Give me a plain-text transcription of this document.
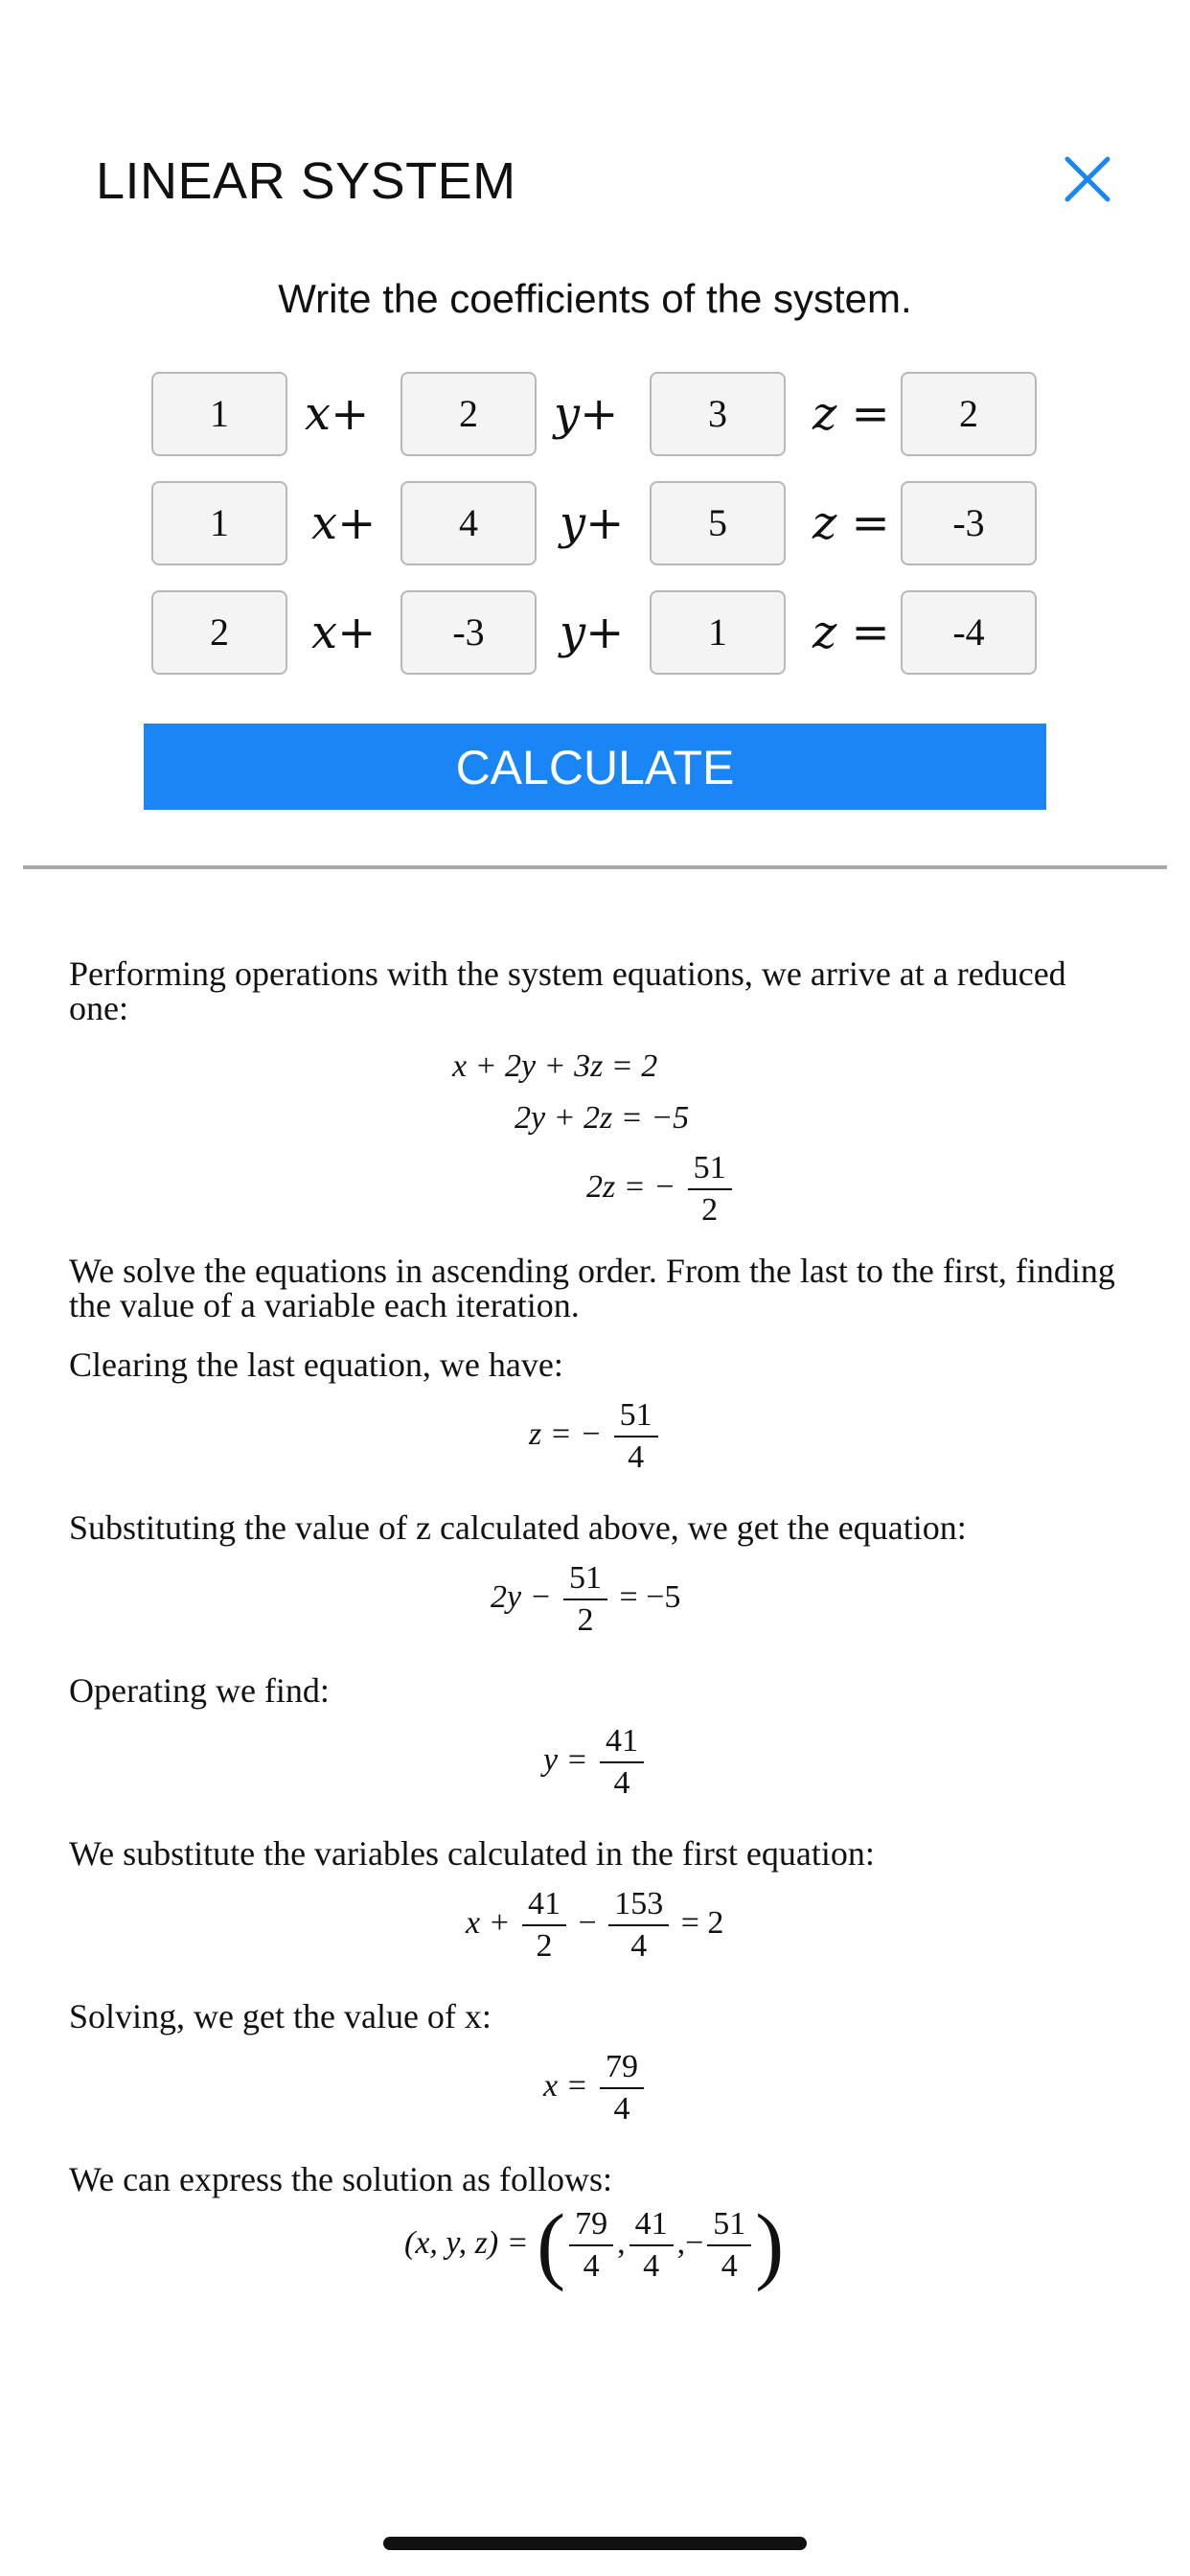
LINEAR SYSTEM
Write the coefficients of the system.
1	x+	2	y+	3	z =	2
1	x+	4	y+	5	z =	-3
2	x+	-3	y+	1	z =	-4
CALCULATE
Performing operations with the system equations, we arrive at a reduced one:
x + 2y + 3z = 2
2y + 2z = −5
2z = − $\frac{51}{2}$
We solve the equations in ascending order. From the last to the first, finding the value of a variable each iteration.
Clearing the last equation, we have:
z = − $\frac{51}{4}$
Substituting the value of z calculated above, we get the equation:
$2y - \frac{51}{2} = -5$
Operating we find:
$y = \frac{41}{4}$
We substitute the variables calculated in the first equation:
$x + \frac{41}{2} - \frac{153}{4} = 2$
Solving, we get the value of x:
$x = \frac{79}{4}$
We can express the solution as follows:
(x, y, z) = ( $\frac{79}{4}$ , $\frac{41}{4}$ ,− $\frac{51}{4}$ )
